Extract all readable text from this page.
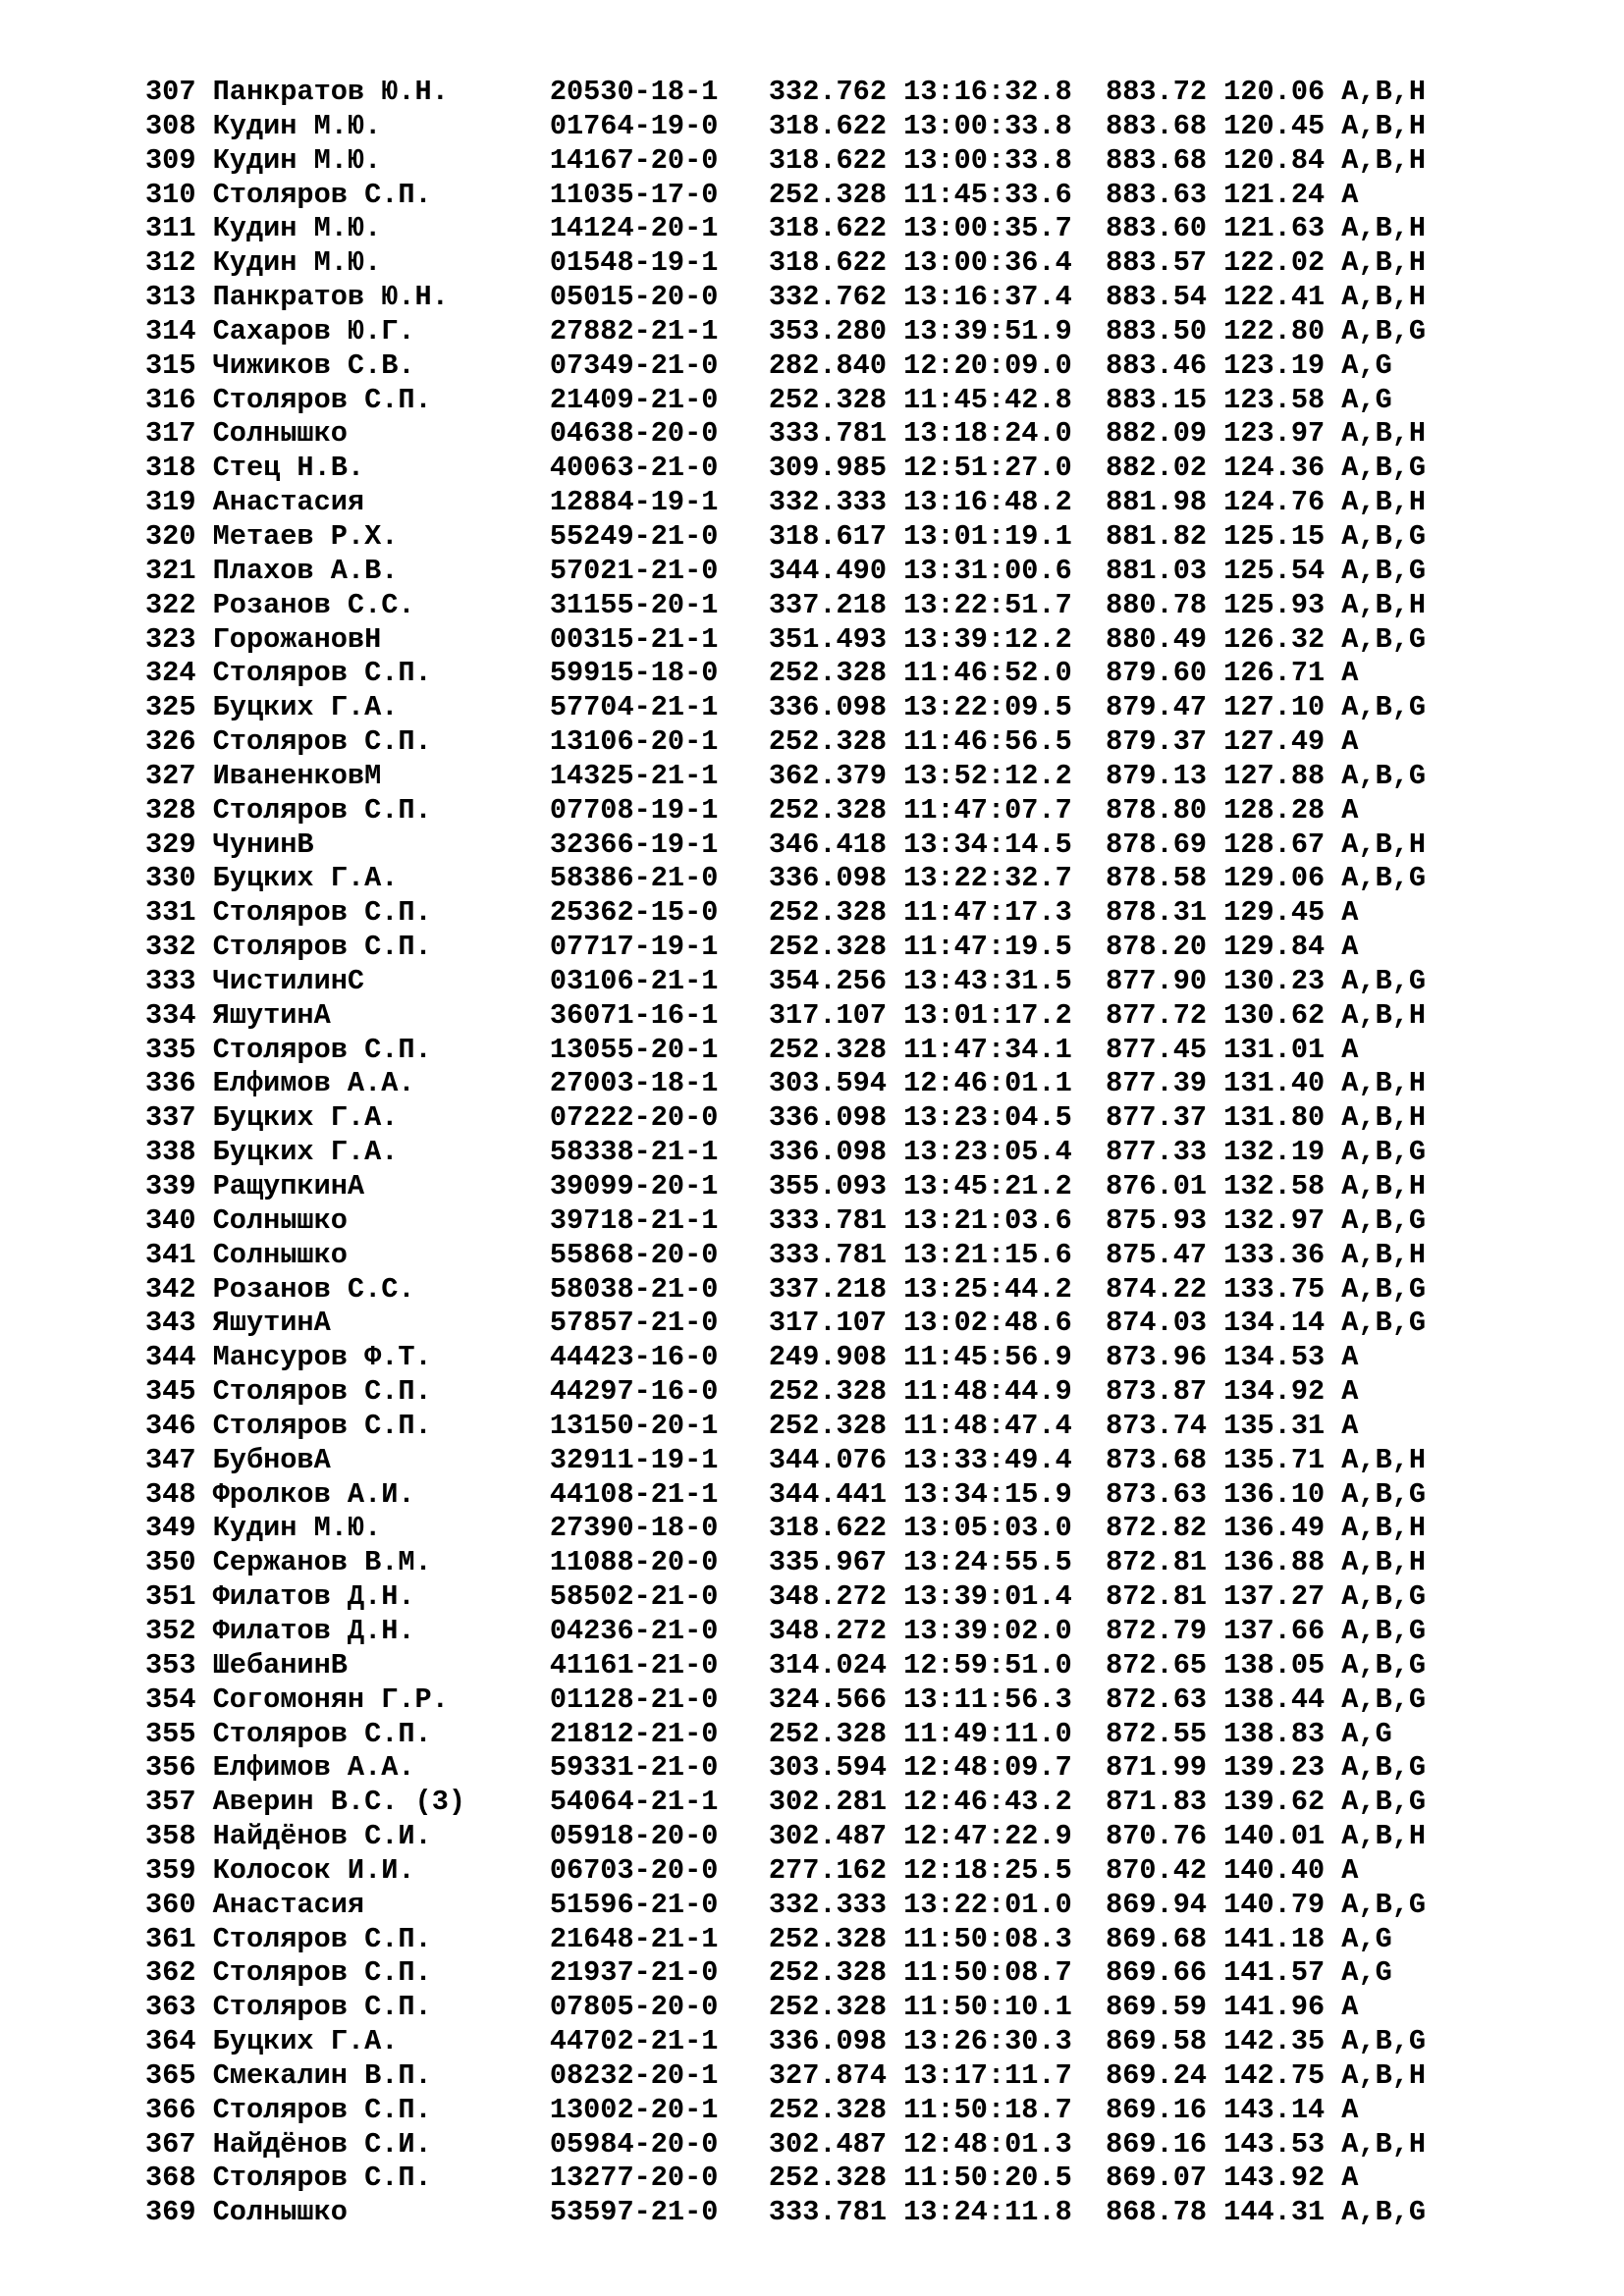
307 Панкратов Ю.Н.      20530-18-1   332.762 13:16:32.8  883.72 120.06 A,B,H
308 Кудин М.Ю.          01764-19-0   318.622 13:00:33.8  883.68 120.45 A,B,H
309 Кудин М.Ю.          14167-20-0   318.622 13:00:33.8  883.68 120.84 A,B,H
310 Столяров С.П.       11035-17-0   252.328 11:45:33.6  883.63 121.24 A
311 Кудин М.Ю.          14124-20-1   318.622 13:00:35.7  883.60 121.63 A,B,H
312 Кудин М.Ю.          01548-19-1   318.622 13:00:36.4  883.57 122.02 A,B,H
313 Панкратов Ю.Н.      05015-20-0   332.762 13:16:37.4  883.54 122.41 A,B,H
314 Сахаров Ю.Г.        27882-21-1   353.280 13:39:51.9  883.50 122.80 A,B,G
315 Чижиков С.В.        07349-21-0   282.840 12:20:09.0  883.46 123.19 A,G
316 Столяров С.П.       21409-21-0   252.328 11:45:42.8  883.15 123.58 A,G
317 Солнышко            04638-20-0   333.781 13:18:24.0  882.09 123.97 A,B,H
318 Стец Н.В.           40063-21-0   309.985 12:51:27.0  882.02 124.36 A,B,G
319 Анастасия           12884-19-1   332.333 13:16:48.2  881.98 124.76 A,B,H
320 Метаев Р.Х.         55249-21-0   318.617 13:01:19.1  881.82 125.15 A,B,G
321 Плахов А.В.         57021-21-0   344.490 13:31:00.6  881.03 125.54 A,B,G
322 Розанов С.С.        31155-20-1   337.218 13:22:51.7  880.78 125.93 A,B,H
323 ГорожановН          00315-21-1   351.493 13:39:12.2  880.49 126.32 A,B,G
324 Столяров С.П.       59915-18-0   252.328 11:46:52.0  879.60 126.71 A
325 Буцких Г.А.         57704-21-1   336.098 13:22:09.5  879.47 127.10 A,B,G
326 Столяров С.П.       13106-20-1   252.328 11:46:56.5  879.37 127.49 A
327 ИваненковМ          14325-21-1   362.379 13:52:12.2  879.13 127.88 A,B,G
328 Столяров С.П.       07708-19-1   252.328 11:47:07.7  878.80 128.28 A
329 ЧунинВ              32366-19-1   346.418 13:34:14.5  878.69 128.67 A,B,H
330 Буцких Г.А.         58386-21-0   336.098 13:22:32.7  878.58 129.06 A,B,G
331 Столяров С.П.       25362-15-0   252.328 11:47:17.3  878.31 129.45 A
332 Столяров С.П.       07717-19-1   252.328 11:47:19.5  878.20 129.84 A
333 ЧистилинС           03106-21-1   354.256 13:43:31.5  877.90 130.23 A,B,G
334 ЯшутинА             36071-16-1   317.107 13:01:17.2  877.72 130.62 A,B,H
335 Столяров С.П.       13055-20-1   252.328 11:47:34.1  877.45 131.01 A
336 Елфимов А.А.        27003-18-1   303.594 12:46:01.1  877.39 131.40 A,B,H
337 Буцких Г.А.         07222-20-0   336.098 13:23:04.5  877.37 131.80 A,B,H
338 Буцких Г.А.         58338-21-1   336.098 13:23:05.4  877.33 132.19 A,B,G
339 РащупкинА           39099-20-1   355.093 13:45:21.2  876.01 132.58 A,B,H
340 Солнышко            39718-21-1   333.781 13:21:03.6  875.93 132.97 A,B,G
341 Солнышко            55868-20-0   333.781 13:21:15.6  875.47 133.36 A,B,H
342 Розанов С.С.        58038-21-0   337.218 13:25:44.2  874.22 133.75 A,B,G
343 ЯшутинА             57857-21-0   317.107 13:02:48.6  874.03 134.14 A,B,G
344 Мансуров Ф.Т.       44423-16-0   249.908 11:45:56.9  873.96 134.53 A
345 Столяров С.П.       44297-16-0   252.328 11:48:44.9  873.87 134.92 A
346 Столяров С.П.       13150-20-1   252.328 11:48:47.4  873.74 135.31 A
347 БубновА             32911-19-1   344.076 13:33:49.4  873.68 135.71 A,B,H
348 Фролков А.И.        44108-21-1   344.441 13:34:15.9  873.63 136.10 A,B,G
349 Кудин М.Ю.          27390-18-0   318.622 13:05:03.0  872.82 136.49 A,B,H
350 Сержанов В.М.       11088-20-0   335.967 13:24:55.5  872.81 136.88 A,B,H
351 Филатов Д.Н.        58502-21-0   348.272 13:39:01.4  872.81 137.27 A,B,G
352 Филатов Д.Н.        04236-21-0   348.272 13:39:02.0  872.79 137.66 A,B,G
353 ШебанинВ            41161-21-0   314.024 12:59:51.0  872.65 138.05 A,B,G
354 Согомонян Г.Р.      01128-21-0   324.566 13:11:56.3  872.63 138.44 A,B,G
355 Столяров С.П.       21812-21-0   252.328 11:49:11.0  872.55 138.83 A,G
356 Елфимов А.А.        59331-21-0   303.594 12:48:09.7  871.99 139.23 A,B,G
357 Аверин В.С. (3)     54064-21-1   302.281 12:46:43.2  871.83 139.62 A,B,G
358 Найдёнов С.И.       05918-20-0   302.487 12:47:22.9  870.76 140.01 A,B,H
359 Колосок И.И.        06703-20-0   277.162 12:18:25.5  870.42 140.40 A
360 Анастасия           51596-21-0   332.333 13:22:01.0  869.94 140.79 A,B,G
361 Столяров С.П.       21648-21-1   252.328 11:50:08.3  869.68 141.18 A,G
362 Столяров С.П.       21937-21-0   252.328 11:50:08.7  869.66 141.57 A,G
363 Столяров С.П.       07805-20-0   252.328 11:50:10.1  869.59 141.96 A
364 Буцких Г.А.         44702-21-1   336.098 13:26:30.3  869.58 142.35 A,B,G
365 Смекалин В.П.       08232-20-1   327.874 13:17:11.7  869.24 142.75 A,B,H
366 Столяров С.П.       13002-20-1   252.328 11:50:18.7  869.16 143.14 A
367 Найдёнов С.И.       05984-20-0   302.487 12:48:01.3  869.16 143.53 A,B,H
368 Столяров С.П.       13277-20-0   252.328 11:50:20.5  869.07 143.92 A
369 Солнышко            53597-21-0   333.781 13:24:11.8  868.78 144.31 A,B,G
